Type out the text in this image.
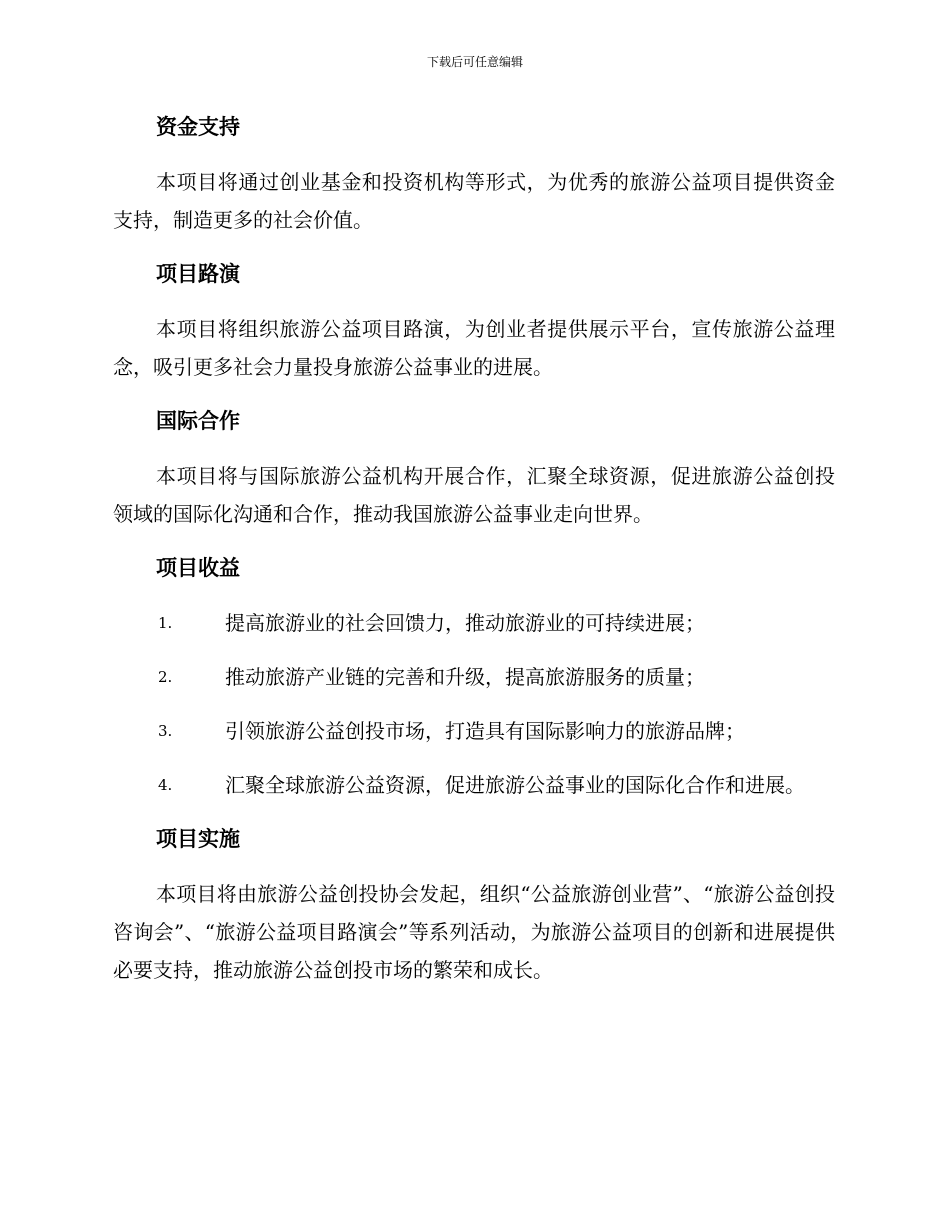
下载后可任意编辑
资金支持

本项目将通过创业基金和投资机构等形式，为优秀的旅游公益项目提供资金支持，制造更多的社会价值。

项目路演

本项目将组织旅游公益项目路演，为创业者提供展示平台，宣传旅游公益理念，吸引更多社会力量投身旅游公益事业的进展。

国际合作

本项目将与国际旅游公益机构开展合作，汇聚全球资源，促进旅游公益创投领域的国际化沟通和合作，推动我国旅游公益事业走向世界。

项目收益

1.	提高旅游业的社会回馈力，推动旅游业的可持续进展；

2.	推动旅游产业链的完善和升级，提高旅游服务的质量；

3.	引领旅游公益创投市场，打造具有国际影响力的旅游品牌；

4.	汇聚全球旅游公益资源，促进旅游公益事业的国际化合作和进展。

项目实施

本项目将由旅游公益创投协会发起，组织“公益旅游创业营”、“旅游公益创投咨询会”、“旅游公益项目路演会”等系列活动，为旅游公益项目的创新和进展提供必要支持，推动旅游公益创投市场的繁荣和成长。
